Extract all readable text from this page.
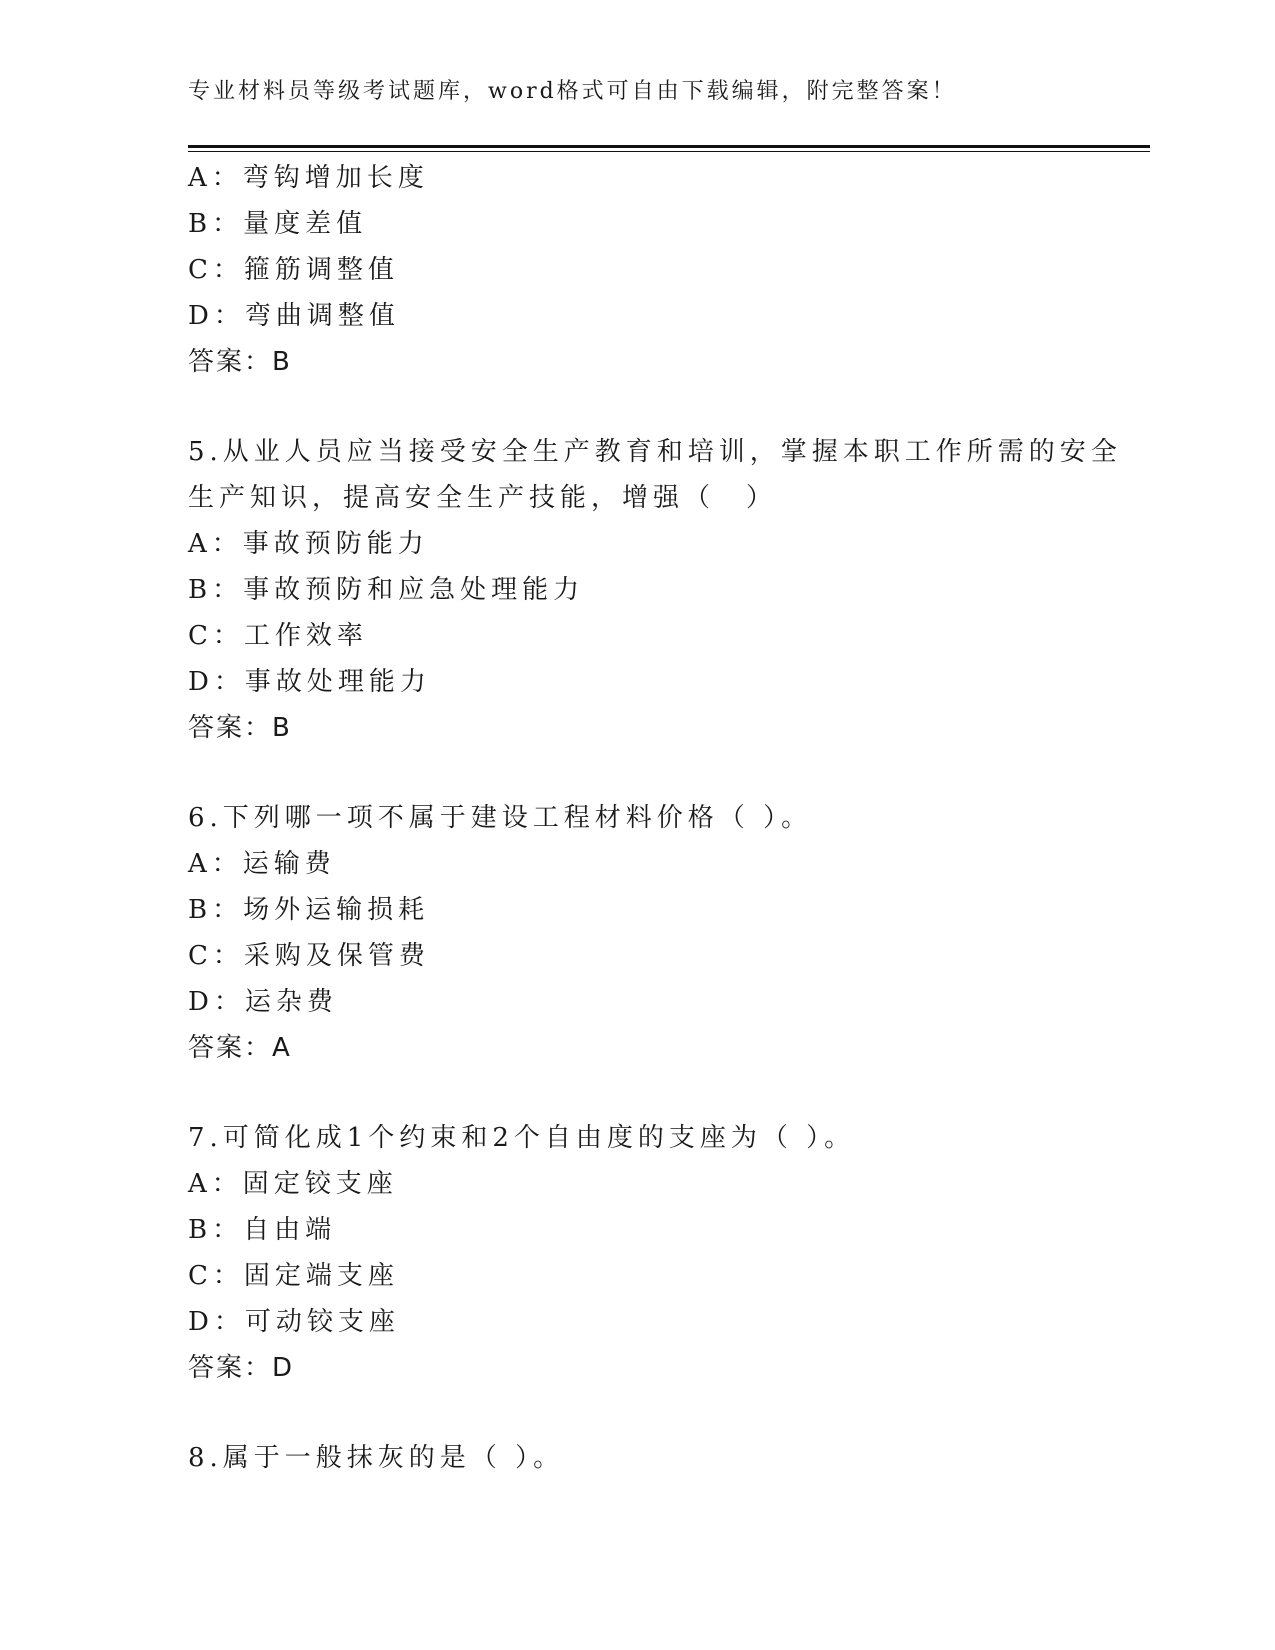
专业材料员等级考试题库，word格式可自由下载编辑，附完整答案！
A：弯钩增加长度
B：量度差值
C：箍筋调整值
D：弯曲调整值
答案：B
5.从业人员应当接受安全生产教育和培训，掌握本职工作所需的安全
生产知识，提高安全生产技能，增强（　）
A：事故预防能力
B：事故预防和应急处理能力
C：工作效率
D：事故处理能力
答案：B
6.下列哪一项不属于建设工程材料价格（ ）。
A：运输费
B：场外运输损耗
C：采购及保管费
D：运杂费
答案：A
7.可简化成1个约束和2个自由度的支座为（ ）。
A：固定铰支座
B：自由端
C：固定端支座
D：可动铰支座
答案：D
8.属于一般抹灰的是（ ）。
